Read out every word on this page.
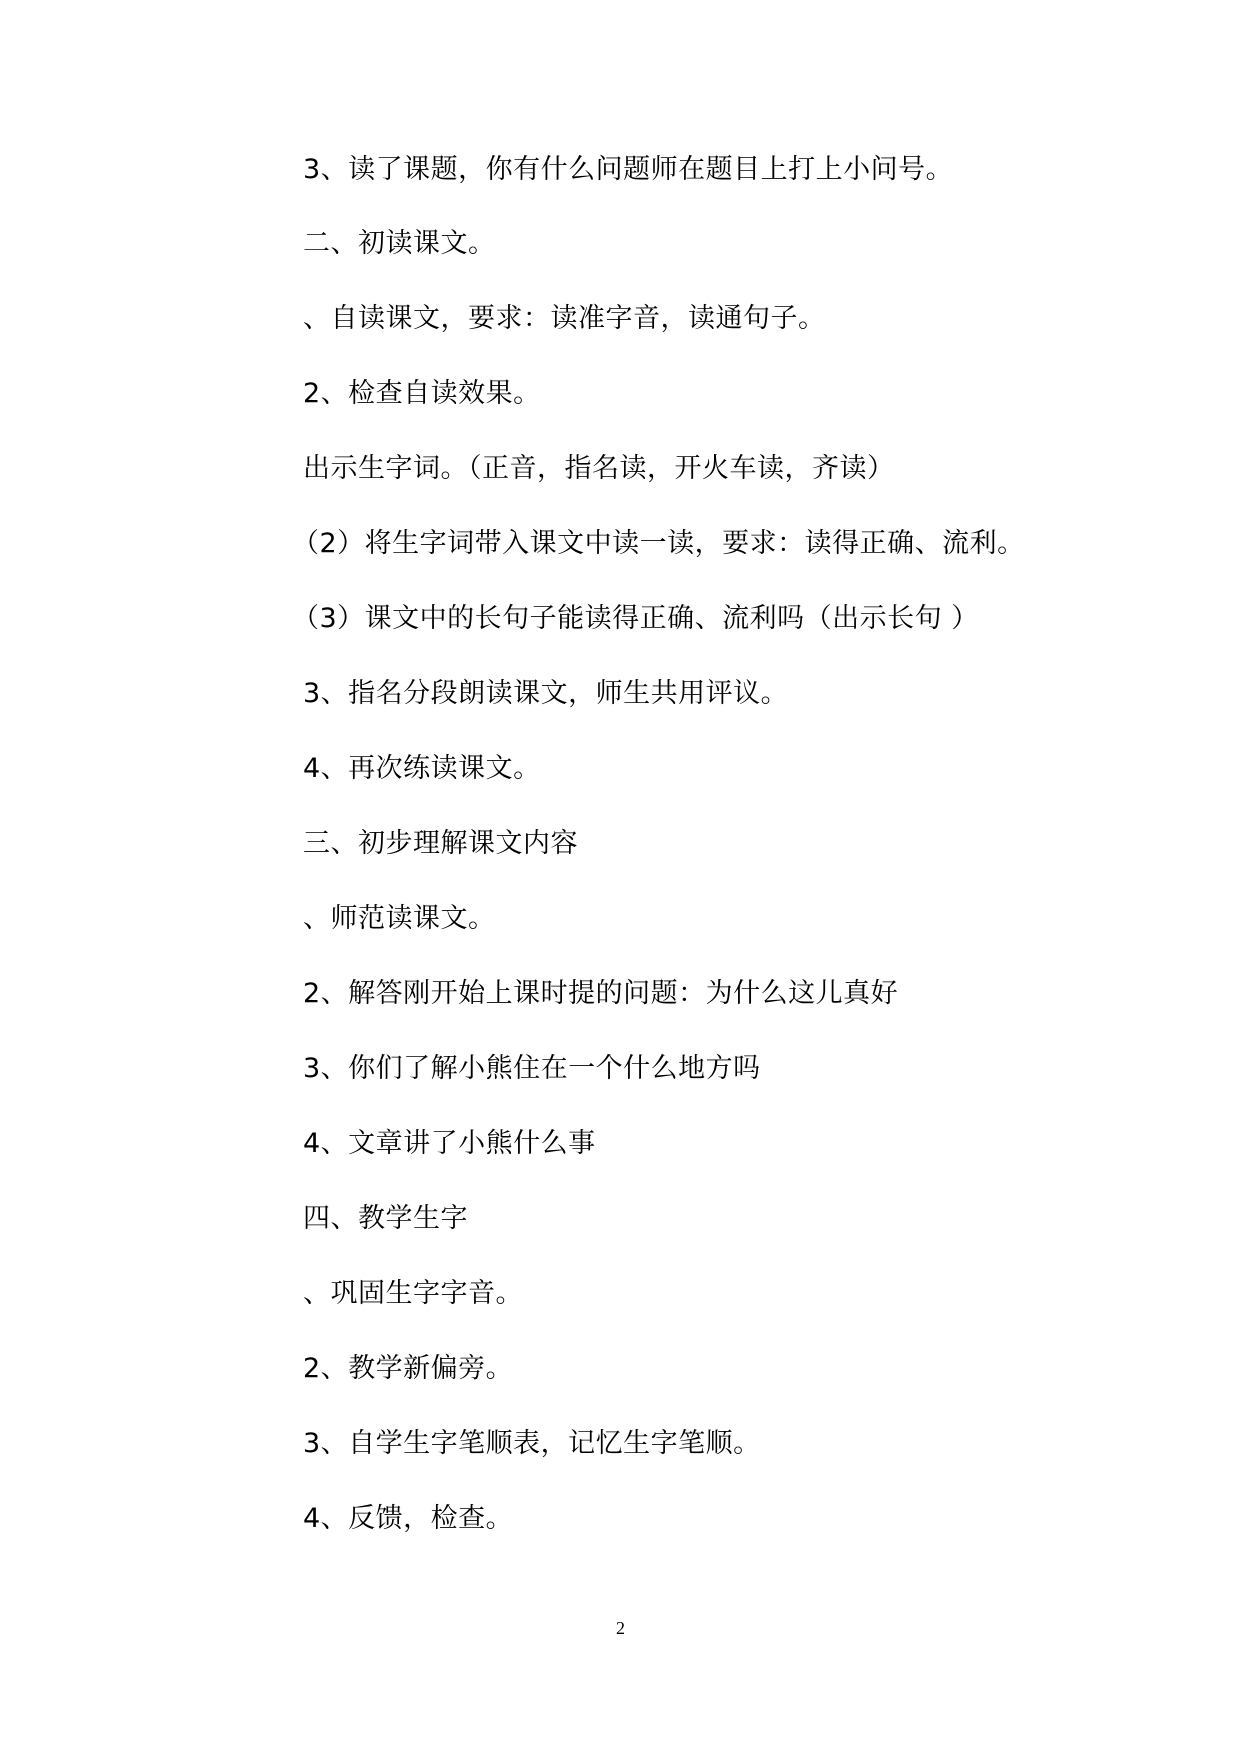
3、读了课题，你有什么问题师在题目上打上小问号。
二、初读课文。
、自读课文，要求：读准字音，读通句子。
2、检查自读效果。
出示生字词。（正音，指名读，开火车读，齐读）
（2）将生字词带入课文中读一读，要求：读得正确、流利。
（3）课文中的长句子能读得正确、流利吗（出示长句 ）
3、指名分段朗读课文，师生共用评议。
4、再次练读课文。
三、初步理解课文内容
、师范读课文。
2、解答刚开始上课时提的问题：为什么这儿真好
3、你们了解小熊住在一个什么地方吗
4、文章讲了小熊什么事
四、教学生字
、巩固生字字音。
2、教学新偏旁。
3、自学生字笔顺表，记忆生字笔顺。
4、反馈，检查。
2
